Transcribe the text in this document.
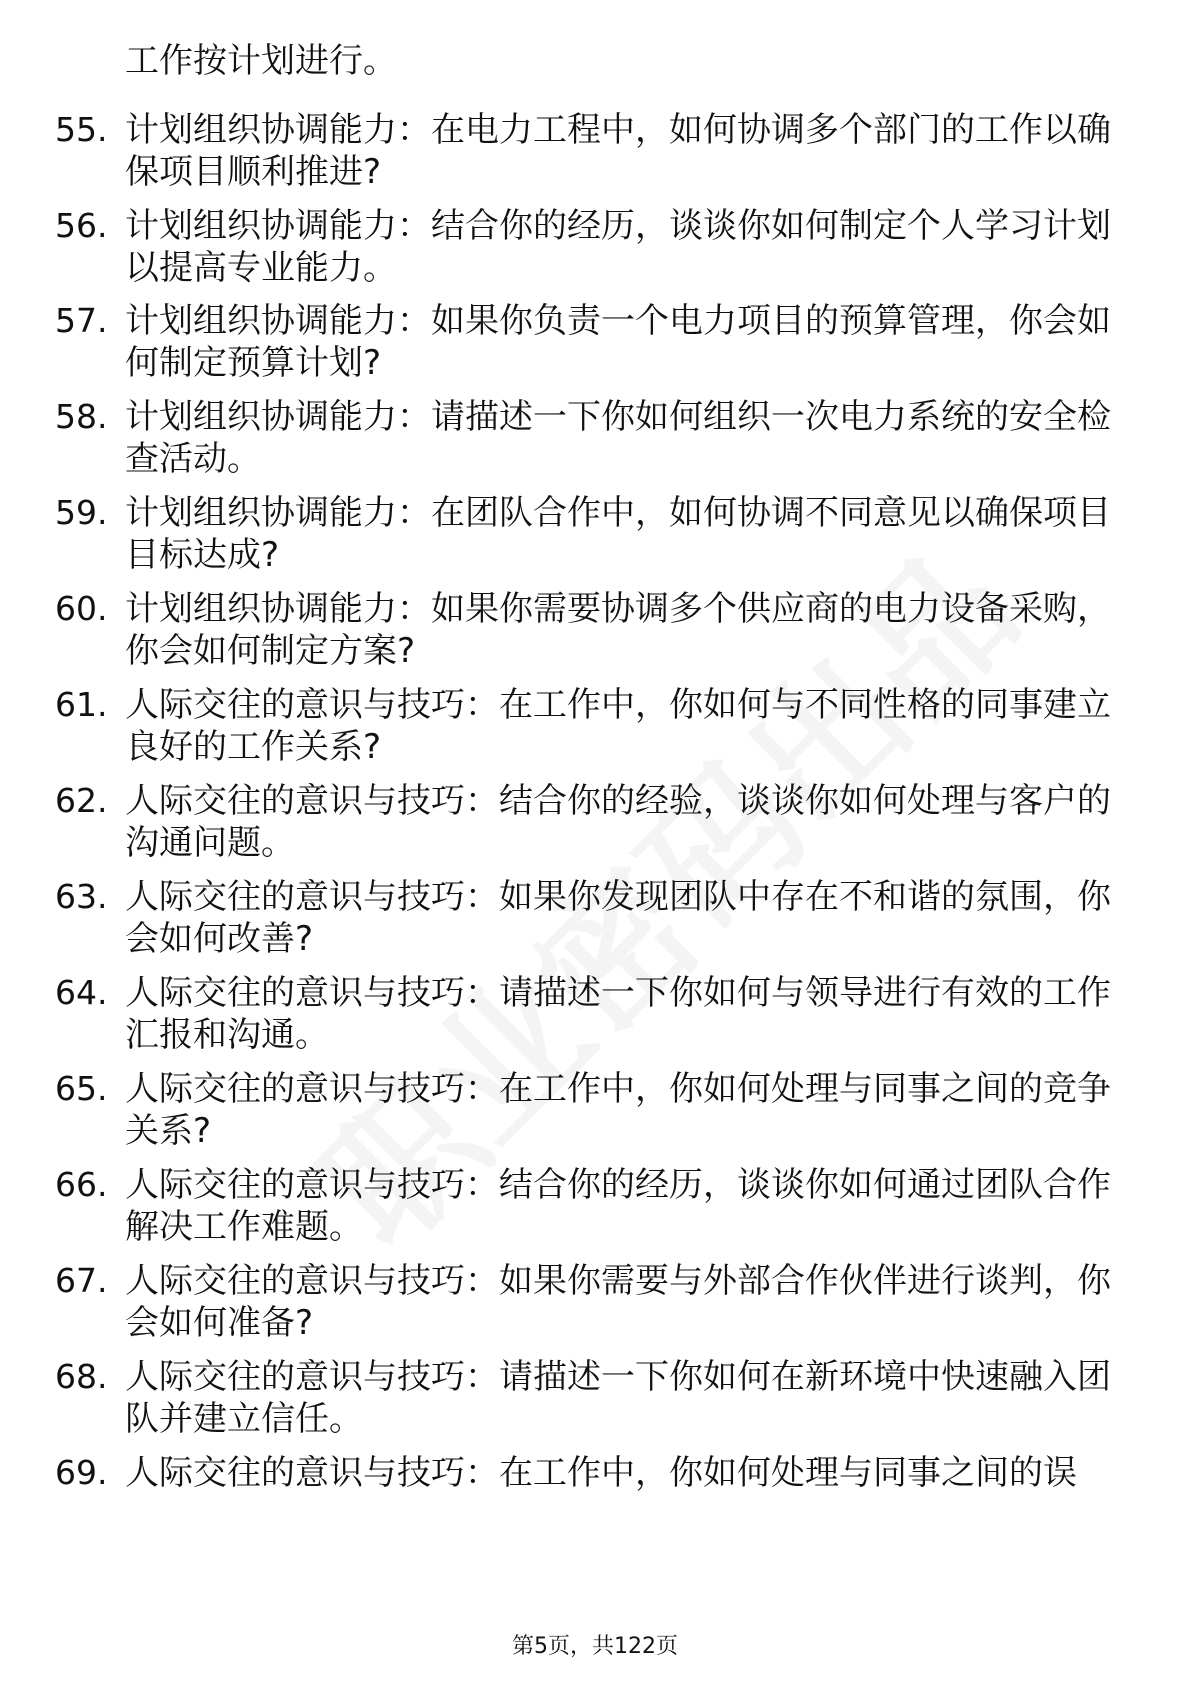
工作按计划进行。

55. 计划组织协调能力：在电力工程中，如何协调多个部门的工作以确保项目顺利推进?
56. 计划组织协调能力：结合你的经历，谈谈你如何制定个人学习计划以提高专业能力。
57. 计划组织协调能力：如果你负责一个电力项目的预算管理，你会如何制定预算计划?
58. 计划组织协调能力：请描述一下你如何组织一次电力系统的安全检查活动。
59. 计划组织协调能力：在团队合作中，如何协调不同意见以确保项目目标达成?
60. 计划组织协调能力：如果你需要协调多个供应商的电力设备采购，你会如何制定方案?
61. 人际交往的意识与技巧：在工作中，你如何与不同性格的同事建立良好的工作关系?
62. 人际交往的意识与技巧：结合你的经验，谈谈你如何处理与客户的沟通问题。
63. 人际交往的意识与技巧：如果你发现团队中存在不和谐的氛围，你会如何改善?
64. 人际交往的意识与技巧：请描述一下你如何与领导进行有效的工作汇报和沟通。
65. 人际交往的意识与技巧：在工作中，你如何处理与同事之间的竞争关系?
66. 人际交往的意识与技巧：结合你的经历，谈谈你如何通过团队合作解决工作难题。
67. 人际交往的意识与技巧：如果你需要与外部合作伙伴进行谈判，你会如何准备?
68. 人际交往的意识与技巧：请描述一下你如何在新环境中快速融入团队并建立信任。
69. 人际交往的意识与技巧：在工作中，你如何处理与同事之间的误
第5页，共122页
